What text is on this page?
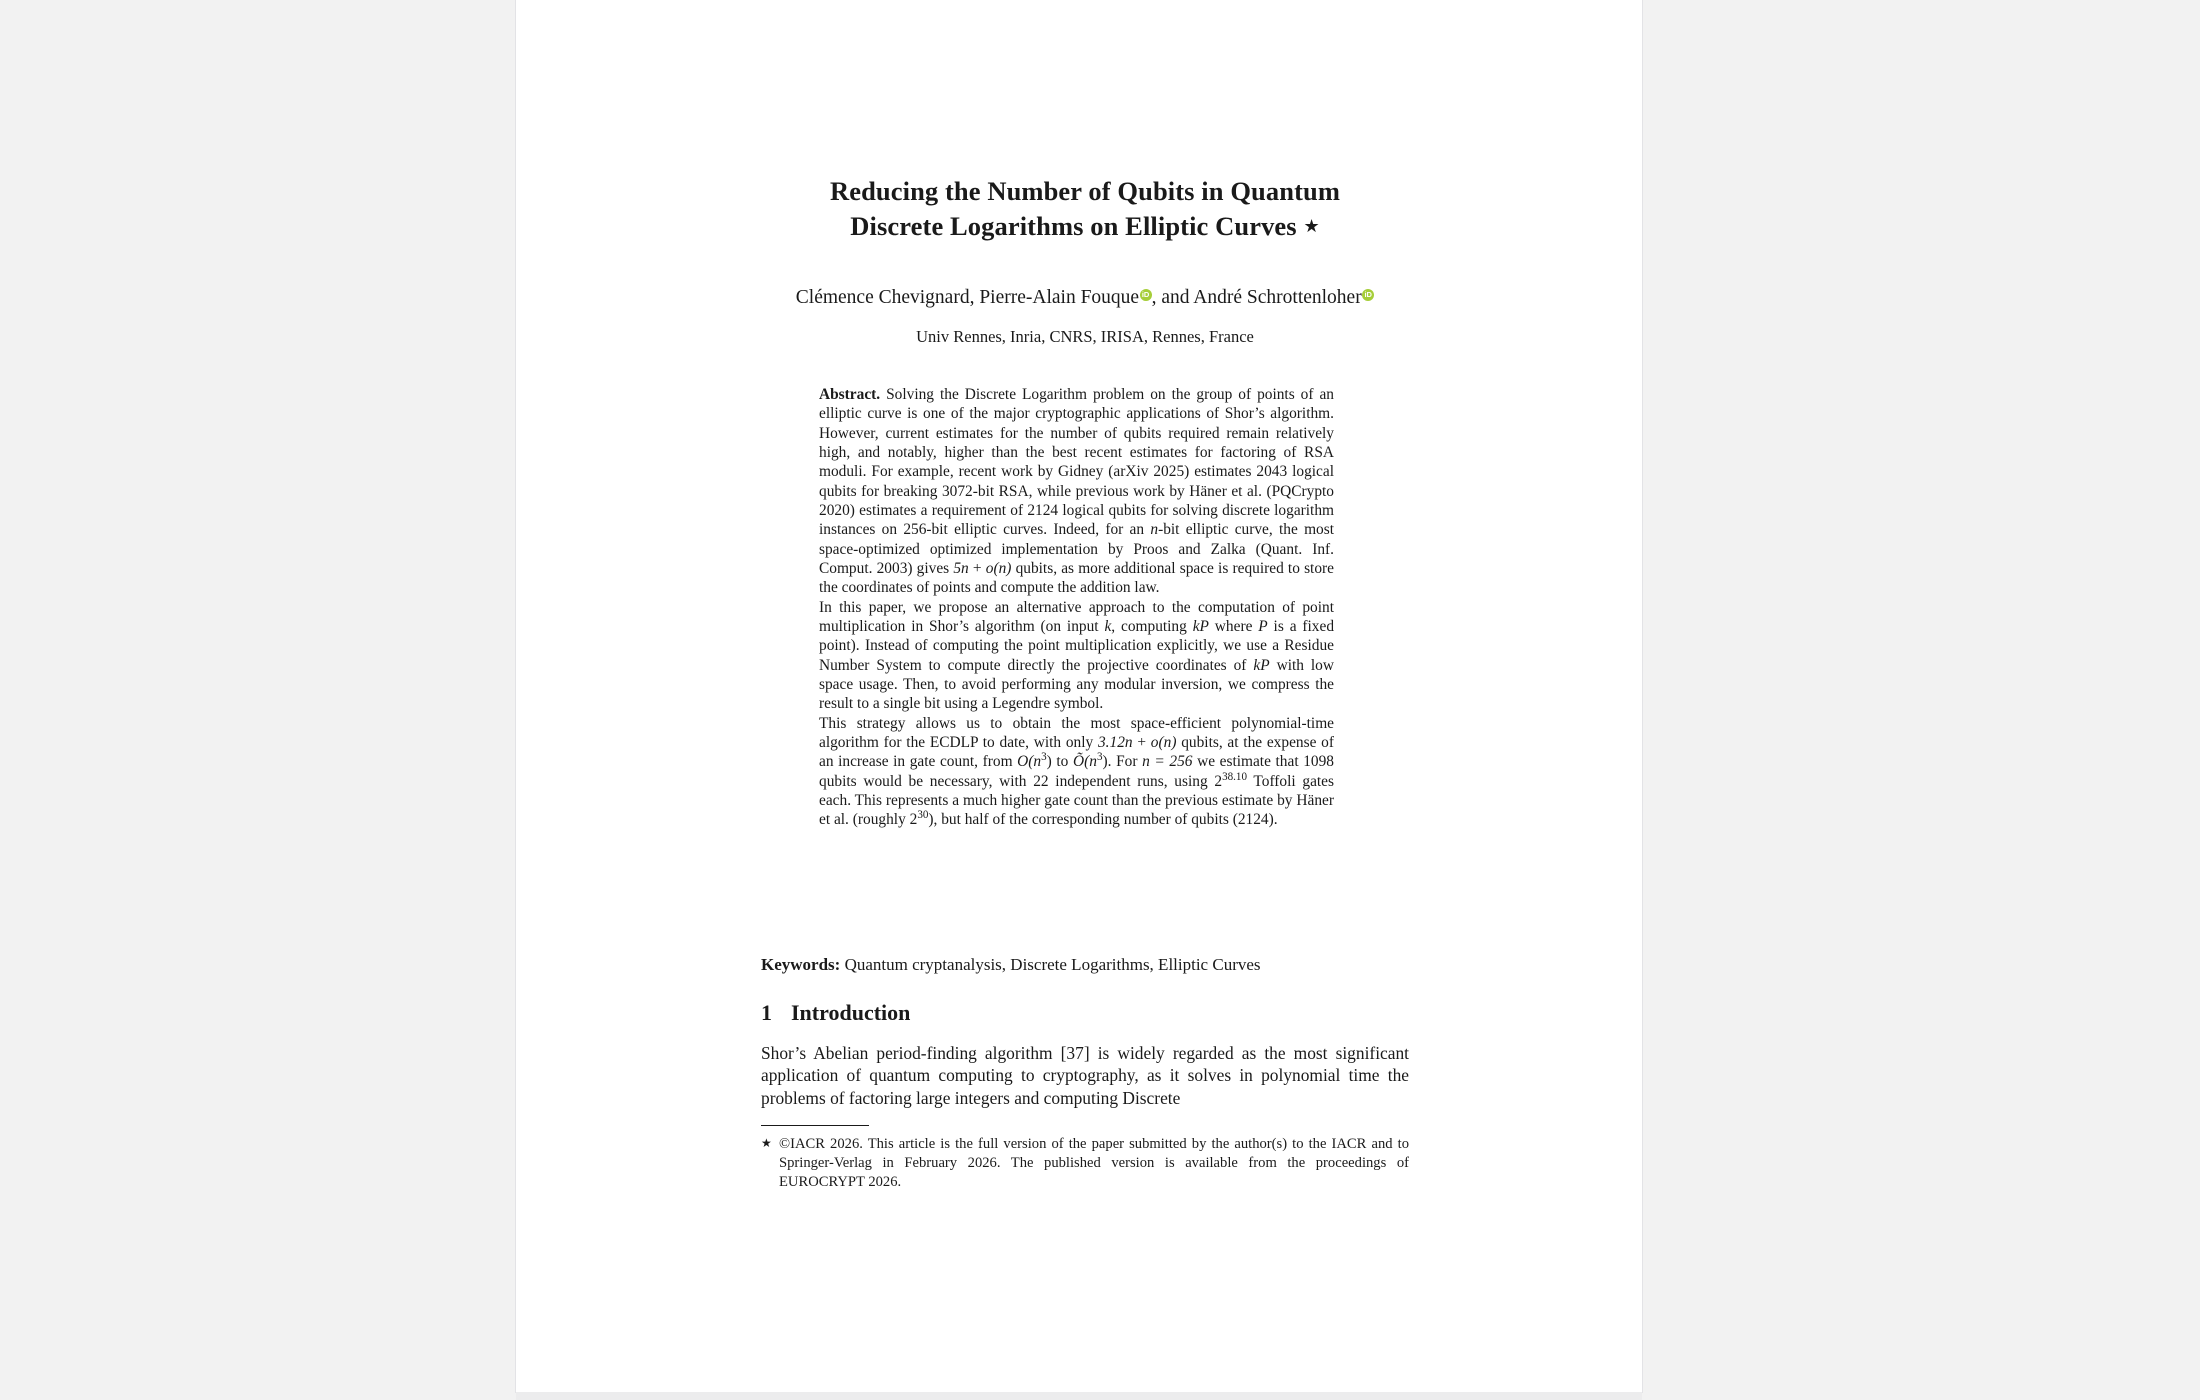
Reducing the Number of Qubits in Quantum
Discrete Logarithms on Elliptic Curves ★
Clémence Chevignard, Pierre-Alain Fouque iD , and André SchrottenloheriD
Univ Rennes, Inria, CNRS, IRISA, Rennes, France

Abstract. Solving the Discrete Logarithm problem on the group of points of an elliptic curve is one of the major cryptographic applications of Shor’s algorithm. However, current estimates for the number of qubits required remain relatively high, and notably, higher than the best recent estimates for factoring of RSA moduli. For example, recent work by Gidney (arXiv 2025) estimates 2043 logical qubits for breaking 3072-bit RSA, while previous work by Häner et al. (PQCrypto 2020) estimates a requirement of 2124 logical qubits for solving discrete logarithm instances on 256-bit elliptic curves. Indeed, for an n-bit elliptic curve, the most space-optimized optimized implementation by Proos and Zalka (Quant. Inf. Comput. 2003) gives 5n + o(n) qubits, as more additional space is required to store the coordinates of points and compute the addition law.

In this paper, we propose an alternative approach to the computation of point multiplication in Shor’s algorithm (on input k, computing kP where P is a fixed point). Instead of computing the point multiplication explicitly, we use a Residue Number System to compute directly the projective coordinates of kP with low space usage. Then, to avoid performing any modular inversion, we compress the result to a single bit using a Legendre symbol.

This strategy allows us to obtain the most space-efficient polynomial-time algorithm for the ECDLP to date, with only 3.12n + o(n) qubits, at the expense of an increase in gate count, from $O(n^3)$ to $Õ(n^3)$. For n = 256 we estimate that 1098 qubits would be necessary, with 22 independent runs, using $2^{38.10}$ Toffoli gates each. This represents a much higher gate count than the previous estimate by Häner et al. (roughly $2^{30}$), but half of the corresponding number of qubits (2124).

Keywords: Quantum cryptanalysis, Discrete Logarithms, Elliptic Curves
1 Introduction

Shor’s Abelian period-finding algorithm [37] is widely regarded as the most significant application of quantum computing to cryptography, as it solves in polynomial time the problems of factoring large integers and computing Discrete

★ ©IACR 2026. This article is the full version of the paper submitted by the author(s) to the IACR and to Springer-Verlag in February 2026. The published version is available from the proceedings of EUROCRYPT 2026.
